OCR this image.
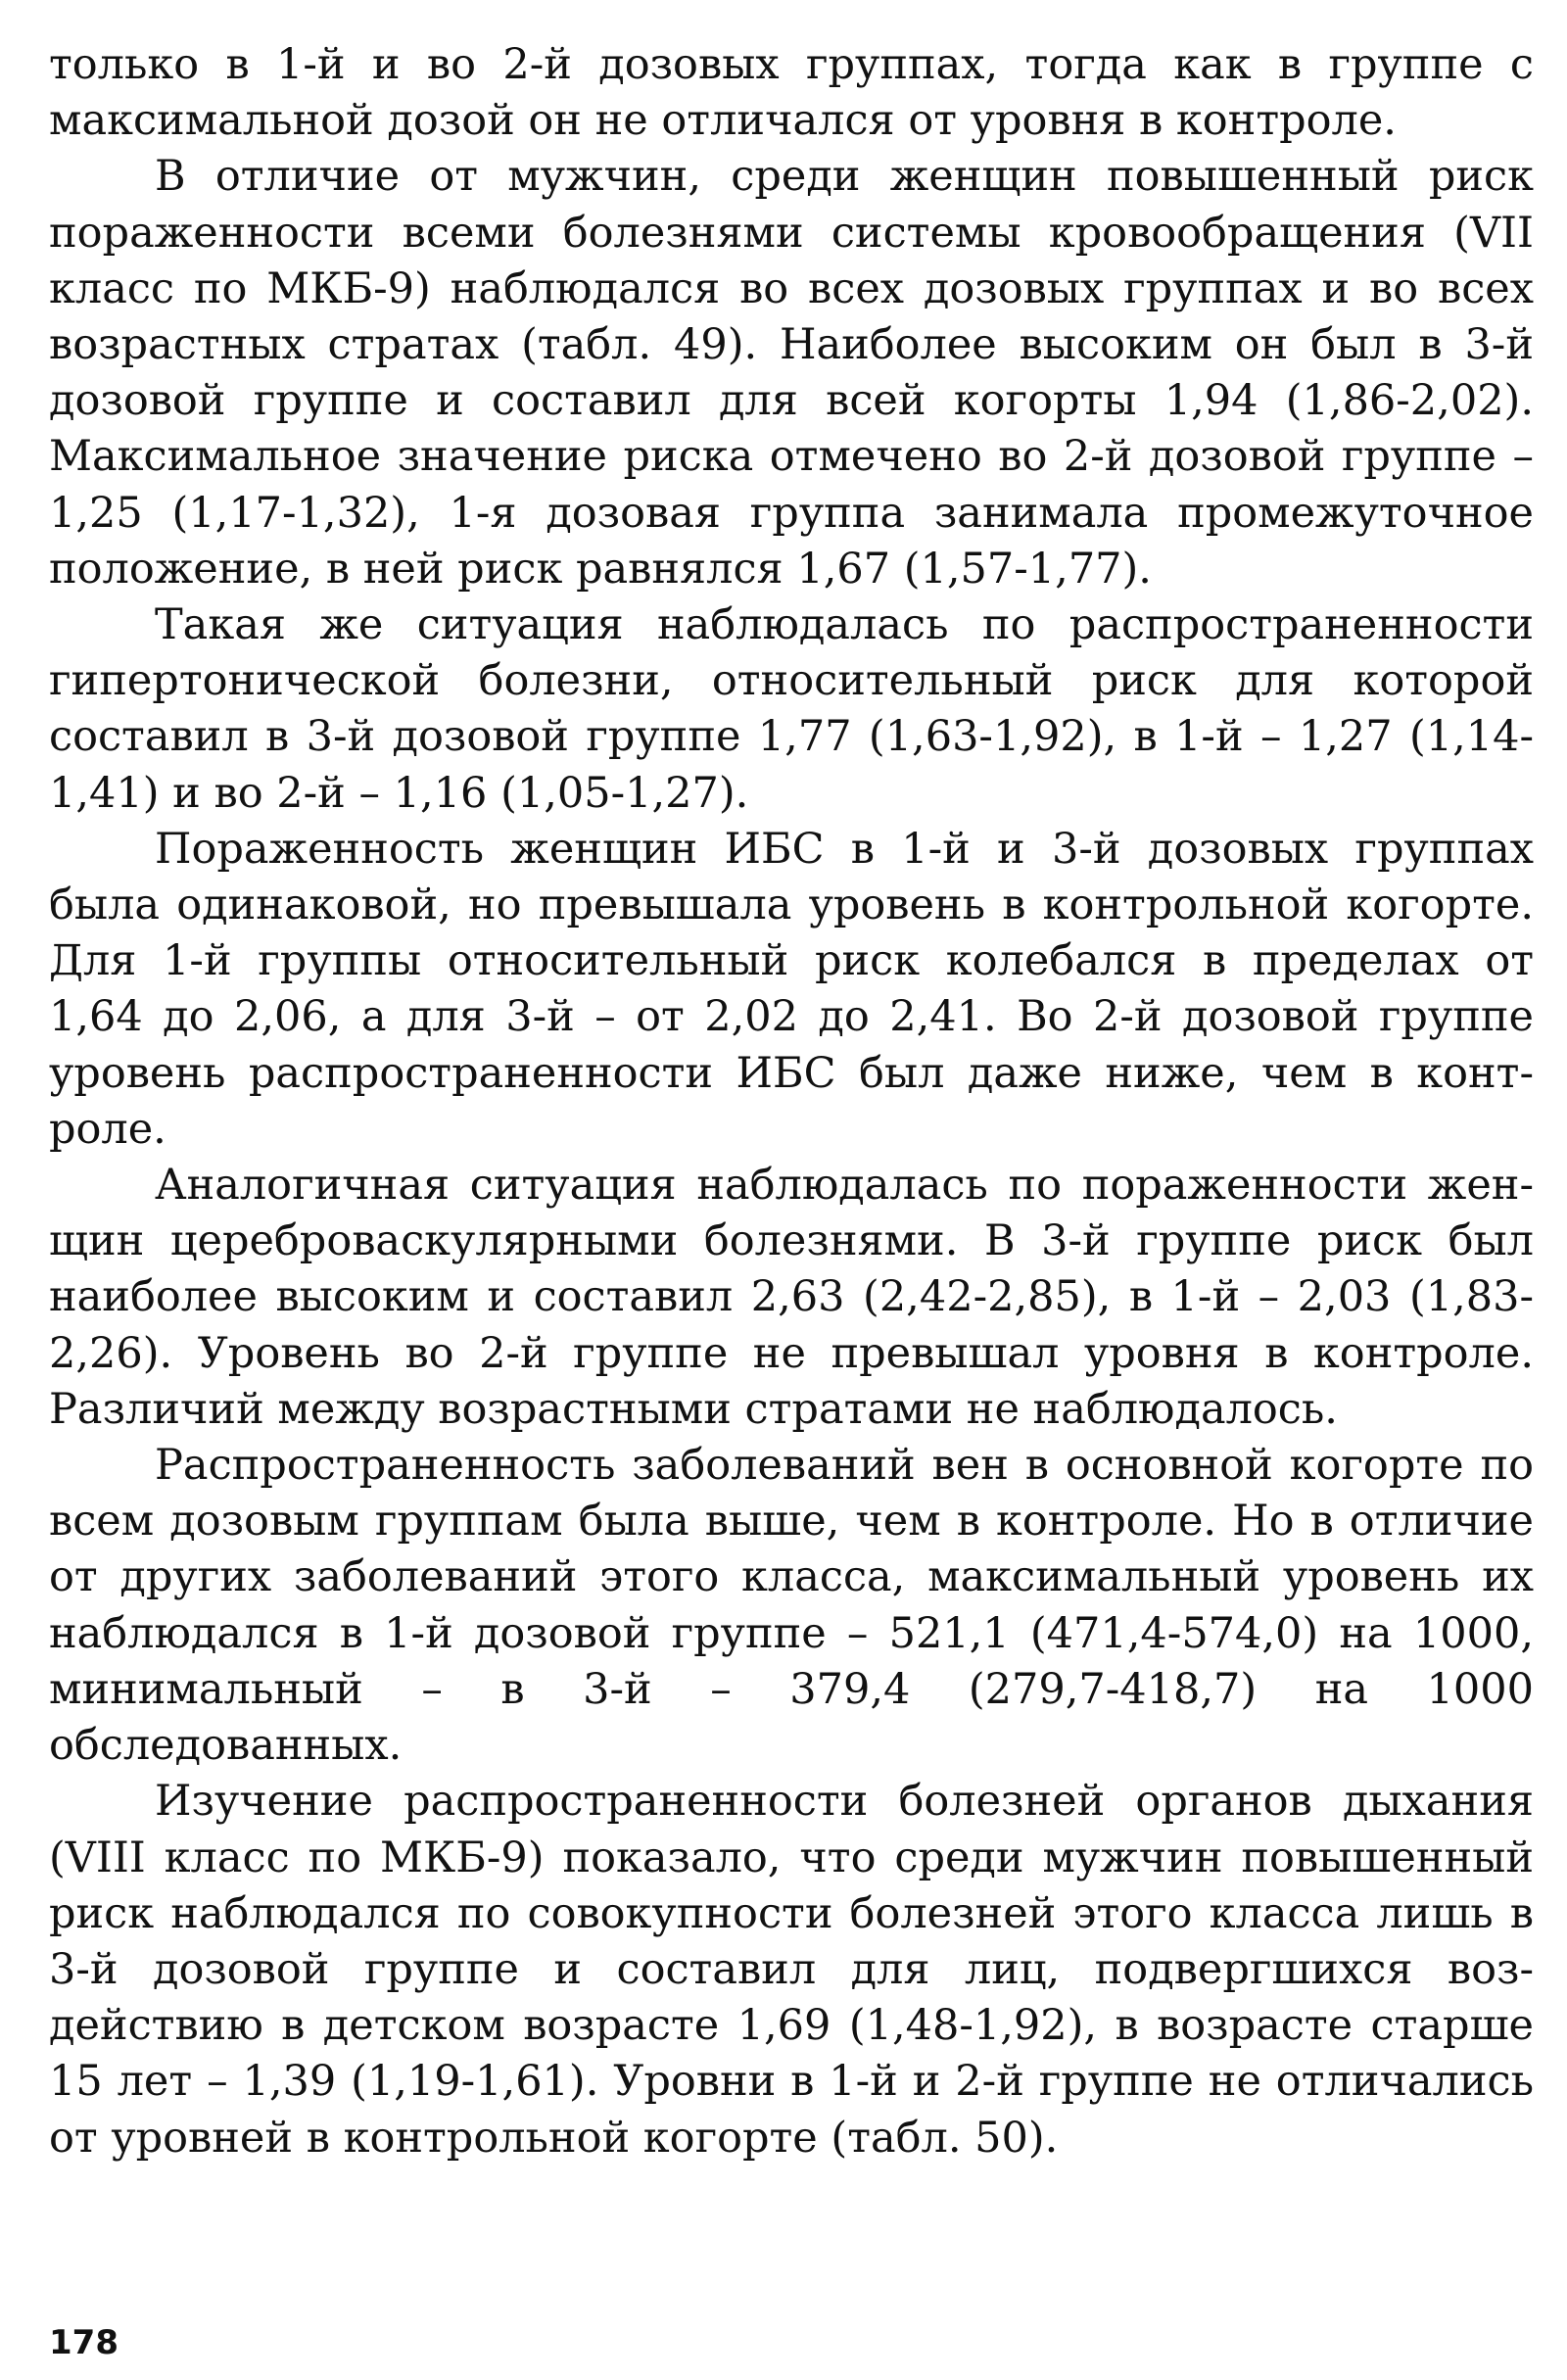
только в 1-й и во 2-й дозовых группах, тогда как в группе с максимальной дозой он не отличался от уровня в контроле.

В отличие от мужчин, среди женщин повышенный риск пораженности всеми болезнями системы кровообращения (VII класс по МКБ-9) наблюдался во всех дозовых группах и во всех возрастных стратах (табл. 49). Наиболее высоким он был в 3-й дозовой группе и составил для всей когорты 1,94 (1,86-2,02). Максимальное значение риска отмечено во 2-й дозовой группе – 1,25 (1,17-1,32), 1-я дозовая группа занимала промежуточное положение, в ней риск равнялся 1,67 (1,57-1,77).

Такая же ситуация наблюдалась по распространенности гипертонической болезни, относительный риск для которой составил в 3-й дозовой группе 1,77 (1,63-1,92), в 1-й – 1,27 (1,14-1,41) и во 2-й – 1,16 (1,05-1,27).

Пораженность женщин ИБС в 1-й и 3-й дозовых группах была одинаковой, но превышала уровень в контрольной когорте. Для 1-й группы относительный риск колебался в пределах от 1,64 до 2,06, а для 3-й – от 2,02 до 2,41. Во 2-й дозовой группе уровень распространенности ИБС был даже ниже, чем в контроле.

Аналогичная ситуация наблюдалась по пораженности женщин цереброваскулярными болезнями. В 3-й группе риск был наиболее высоким и составил 2,63 (2,42-2,85), в 1-й – 2,03 (1,83-2,26). Уровень во 2-й группе не превышал уровня в контроле. Различий между возрастными стратами не наблюдалось.

Распространенность заболеваний вен в основной когорте по всем дозовым группам была выше, чем в контроле. Но в отличие от других заболеваний этого класса, максимальный уровень их наблюдался в 1-й дозовой группе – 521,1 (471,4-574,0) на 1000, минимальный – в 3-й – 379,4 (279,7-418,7) на 1000 обследованных.

Изучение распространенности болезней органов дыхания (VIII класс по МКБ-9) показало, что среди мужчин повышенный риск наблюдался по совокупности болезней этого класса лишь в 3-й дозовой группе и составил для лиц, подвергшихся воздействию в детском возрасте 1,69 (1,48-1,92), в возрасте старше 15 лет – 1,39 (1,19-1,61). Уровни в 1-й и 2-й группе не отличались от уровней в контрольной когорте (табл. 50).

178
